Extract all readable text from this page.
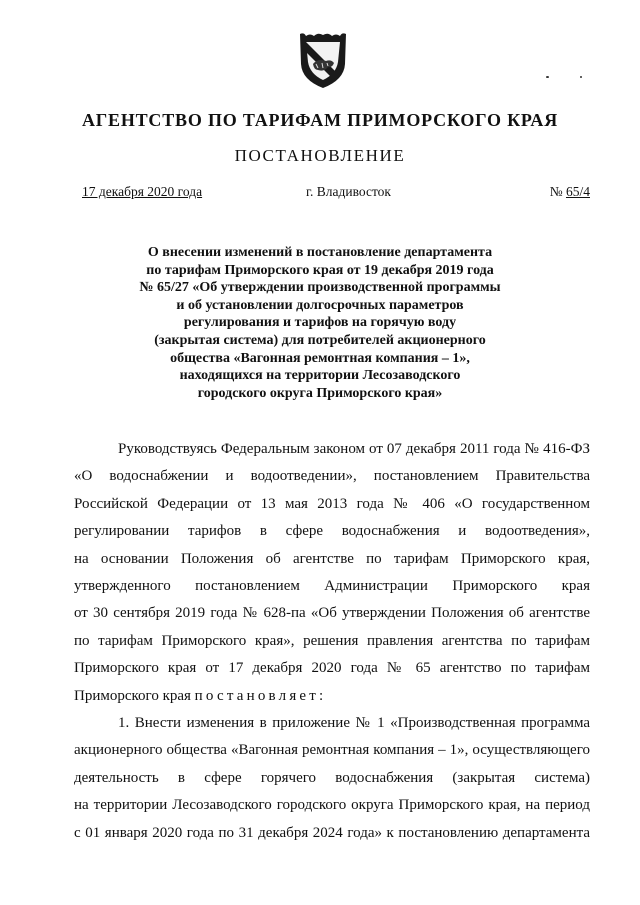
АГЕНТСТВО ПО ТАРИФАМ ПРИМОРСКОГО КРАЯ
ПОСТАНОВЛЕНИЕ
17 декабря 2020 года	г. Владивосток	№ 65/4
О внесении изменений в постановление департамента
по тарифам Приморского края от 19 декабря 2019 года
№ 65/27 «Об утверждении производственной программы
и об установлении долгосрочных параметров
регулирования и тарифов на горячую воду
(закрытая система) для потребителей акционерного
общества «Вагонная ремонтная компания – 1»,
находящихся на территории Лесозаводского
городского округа Приморского края»
Руководствуясь Федеральным законом от 07 декабря 2011 года № 416-ФЗ
«О водоснабжении и водоотведении», постановлением Правительства
Российской Федерации от 13 мая 2013 года № 406 «О государственном
регулировании тарифов в сфере водоснабжения и водоотведения»,
на основании Положения об агентстве по тарифам Приморского края,
утвержденного постановлением Администрации Приморского края
от 30 сентября 2019 года № 628-па «Об утверждении Положения об агентстве
по тарифам Приморского края», решения правления агентства по тарифам
Приморского края от 17 декабря 2020 года № 65 агентство по тарифам
Приморского края постановляет:
1. Внести изменения в приложение № 1 «Производственная программа
акционерного общества «Вагонная ремонтная компания – 1», осуществляющего
деятельность в сфере горячего водоснабжения (закрытая система)
на территории Лесозаводского городского округа Приморского края, на период
с 01 января 2020 года по 31 декабря 2024 года» к постановлению департамента
